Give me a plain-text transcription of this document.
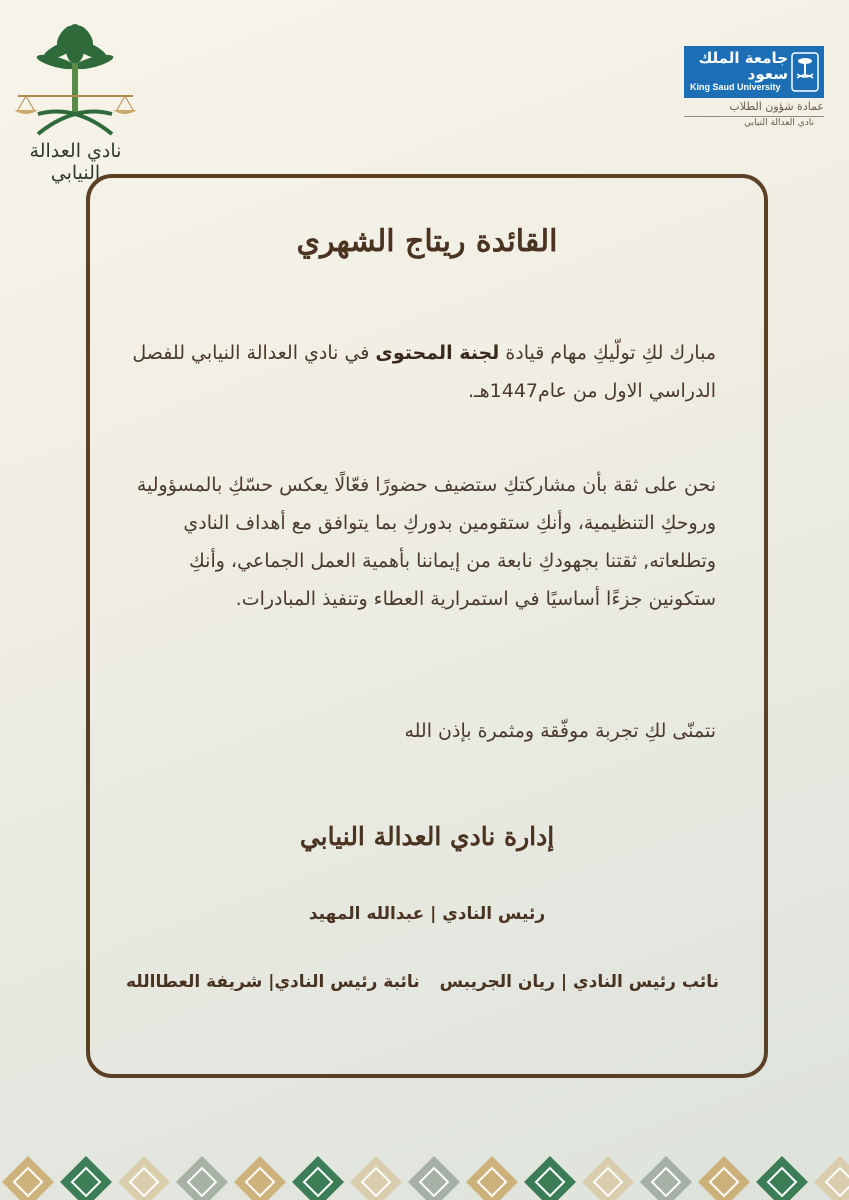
نادي العدالة النيابي
جامعة الملك سعود
King Saud University
عمادة شؤون الطلاب
نادي العدالة النيابي
القائدة ريتاج الشهري
مبارك لكِ تولّيكِ مهام قيادة لجنة المحتوى في نادي العدالة النيابي للفصل الدراسي الاول من عام1447هـ.
نحن على ثقة بأن مشاركتكِ ستضيف حضورًا فعّالًا يعكس حسّكِ بالمسؤولية وروحكِ التنظيمية، وأنكِ ستقومين بدوركِ بما يتوافق مع أهداف النادي وتطلعاته, ثقتنا بجهودكِ نابعة من إيماننا بأهمية العمل الجماعي، وأنكِ ستكونين جزءًا أساسيًا في استمرارية العطاء وتنفيذ المبادرات.
نتمنّى لكِ تجربة موفّقة ومثمرة بإذن الله
إدارة نادي العدالة النيابي
رئيس النادي | عبدالله المهيد
نائب رئيس النادي | ريان الجريبس
نائبة رئيس النادي| شريفة العطاالله
